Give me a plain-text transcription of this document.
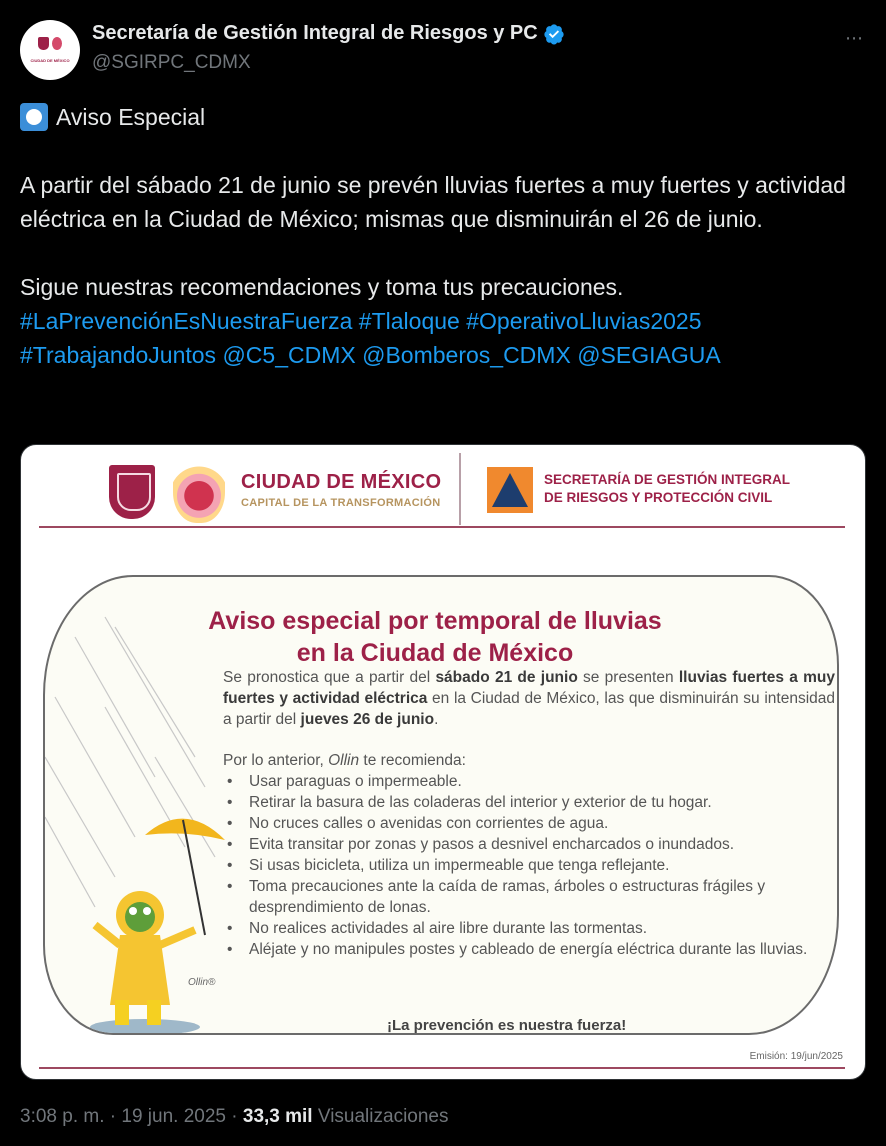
CIUDAD DE MÉXICO
Secretaría de Gestión Integral de Riesgos y PC
@SGIRPC_CDMX
⋯

Aviso Especial

A partir del sábado 21 de junio se prevén lluvias fuertes a muy fuertes y actividad eléctrica en la Ciudad de México; mismas que disminuirán el 26 de junio.

Sigue nuestras recomendaciones y toma tus precauciones.

#LaPrevenciónEsNuestraFuerza #Tlaloque #OperativoLluvias2025

#TrabajandoJuntos @C5_CDMX @Bomberos_CDMX @SEGIAGUA

CIUDAD DE MÉXICO
CAPITAL DE LA TRANSFORMACIÓN
SECRETARÍA DE GESTIÓN INTEGRAL
DE RIESGOS Y PROTECCIÓN CIVIL
Ollin®
Aviso especial por temporal de lluvias
en la Ciudad de México

Se pronostica que a partir del sábado 21 de junio se presenten lluvias fuertes a muy fuertes y actividad eléctrica en la Ciudad de México, las que disminuirán su intensidad a partir del jueves 26 de junio.

Por lo anterior, Ollin te recomienda:

• Usar paraguas o impermeable.
• Retirar la basura de las coladeras del interior y exterior de tu hogar.
• No cruces calles o avenidas con corrientes de agua.
• Evita transitar por zonas y pasos a desnivel encharcados o inundados.
• Si usas bicicleta, utiliza un impermeable que tenga reflejante.
• Toma precauciones ante la caída de ramas, árboles o estructuras frágiles y desprendimiento de lonas.
• No realices actividades al aire libre durante las tormentas.
• Aléjate y no manipules postes y cableado de energía eléctrica durante las lluvias.
¡La prevención es nuestra fuerza!
Emisión: 19/jun/2025
3:08 p. m. · 19 jun. 2025 · 33,3 mil Visualizaciones
